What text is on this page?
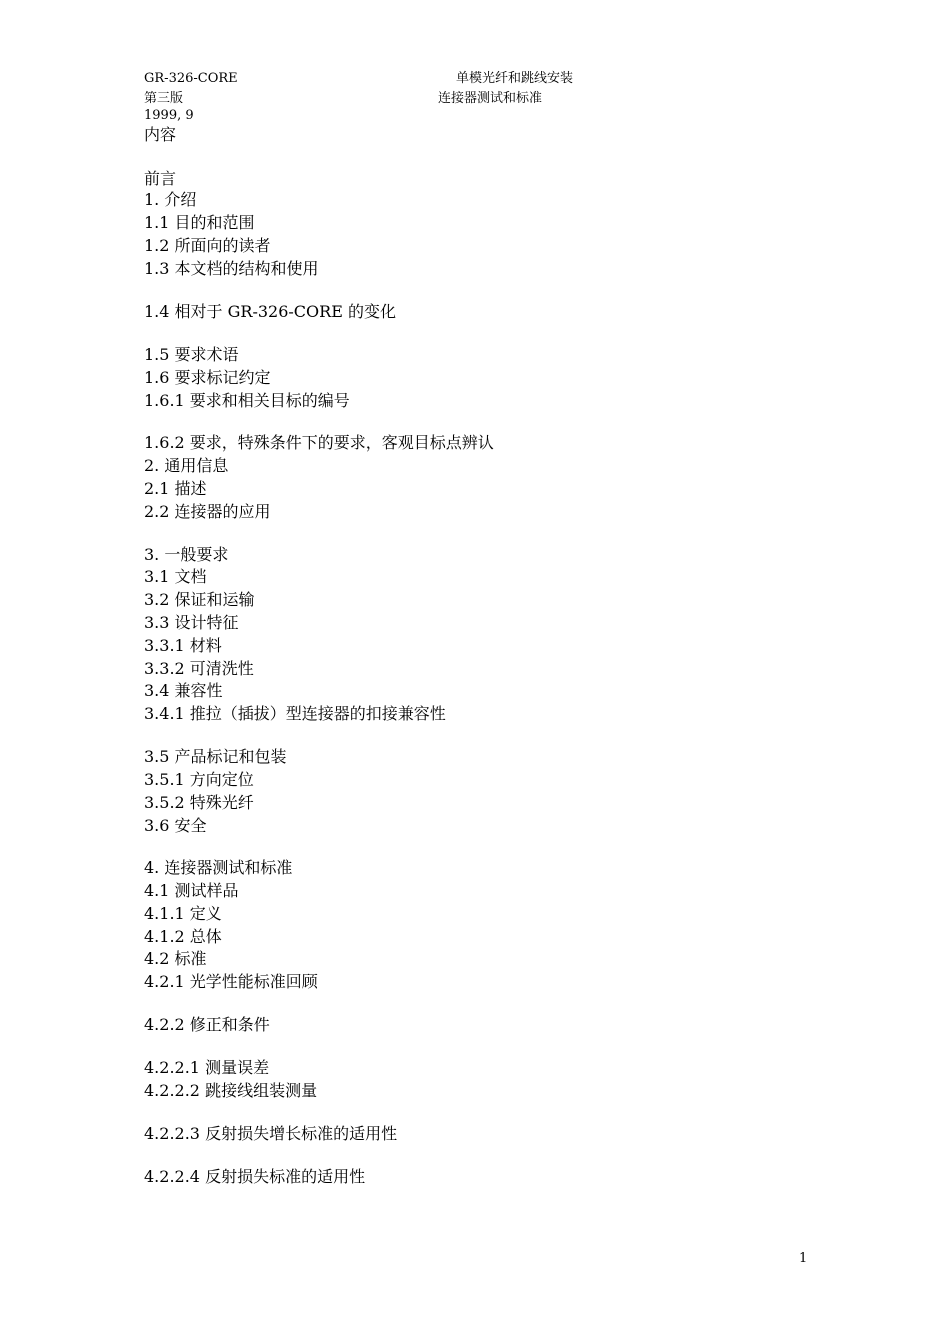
GR-326-CORE
第三版
1999, 9
单模光纤和跳线安装
连接器测试和标准
内容
前言
1. 介绍
1.1 目的和范围
1.2 所面向的读者
1.3 本文档的结构和使用
1.4 相对于 GR-326-CORE 的变化
1.5 要求术语
1.6 要求标记约定
1.6.1 要求和相关目标的编号
1.6.2 要求，特殊条件下的要求，客观目标点辨认
2. 通用信息
2.1 描述
2.2 连接器的应用
3. 一般要求
3.1 文档
3.2 保证和运输
3.3 设计特征
3.3.1 材料
3.3.2 可清洗性
3.4 兼容性
3.4.1 推拉（插拔）型连接器的扣接兼容性
3.5 产品标记和包装
3.5.1 方向定位
3.5.2 特殊光纤
3.6 安全
4. 连接器测试和标准
4.1 测试样品
4.1.1 定义
4.1.2 总体
4.2 标准
4.2.1 光学性能标准回顾
4.2.2 修正和条件
4.2.2.1 测量误差
4.2.2.2 跳接线组装测量
4.2.2.3 反射损失增长标准的适用性
4.2.2.4 反射损失标准的适用性
1
